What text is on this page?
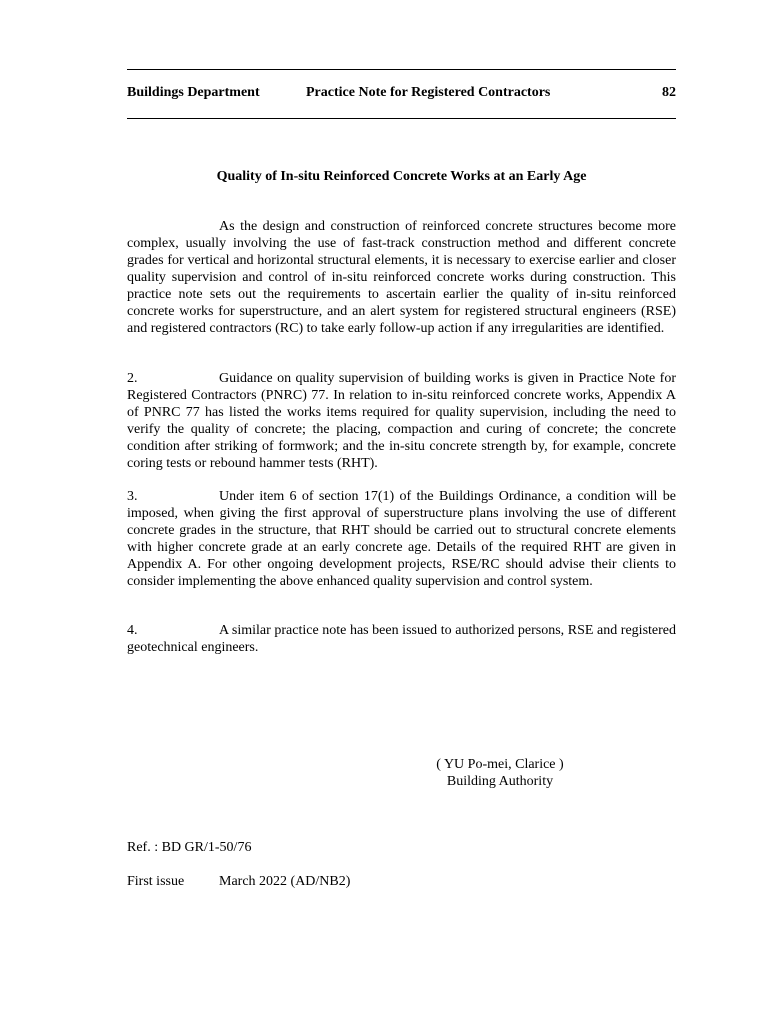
Buildings Department	Practice Note for Registered Contractors	82
Quality of In-situ Reinforced Concrete Works at an Early Age

As the design and construction of reinforced concrete structures become more complex, usually involving the use of fast-track construction method and different concrete grades for vertical and horizontal structural elements, it is necessary to exercise earlier and closer quality supervision and control of in-situ reinforced concrete works during construction. This practice note sets out the requirements to ascertain earlier the quality of in-situ reinforced concrete works for superstructure, and an alert system for registered structural engineers (RSE) and registered contractors (RC) to take early follow-up action if any irregularities are identified.

2.	Guidance on quality supervision of building works is given in Practice Note for Registered Contractors (PNRC) 77. In relation to in-situ reinforced concrete works, Appendix A of PNRC 77 has listed the works items required for quality supervision, including the need to verify the quality of concrete; the placing, compaction and curing of concrete; the concrete condition after striking of formwork; and the in-situ concrete strength by, for example, concrete coring tests or rebound hammer tests (RHT).

3.	Under item 6 of section 17(1) of the Buildings Ordinance, a condition will be imposed, when giving the first approval of superstructure plans involving the use of different concrete grades in the structure, that RHT should be carried out to structural concrete elements with higher concrete grade at an early concrete age. Details of the required RHT are given in Appendix A. For other ongoing development projects, RSE/RC should advise their clients to consider implementing the above enhanced quality supervision and control system.

4.	A similar practice note has been issued to authorized persons, RSE and registered geotechnical engineers.

( YU Po-mei, Clarice )
Building Authority
Ref. : BD GR/1-50/76
First issue March 2022 (AD/NB2)
